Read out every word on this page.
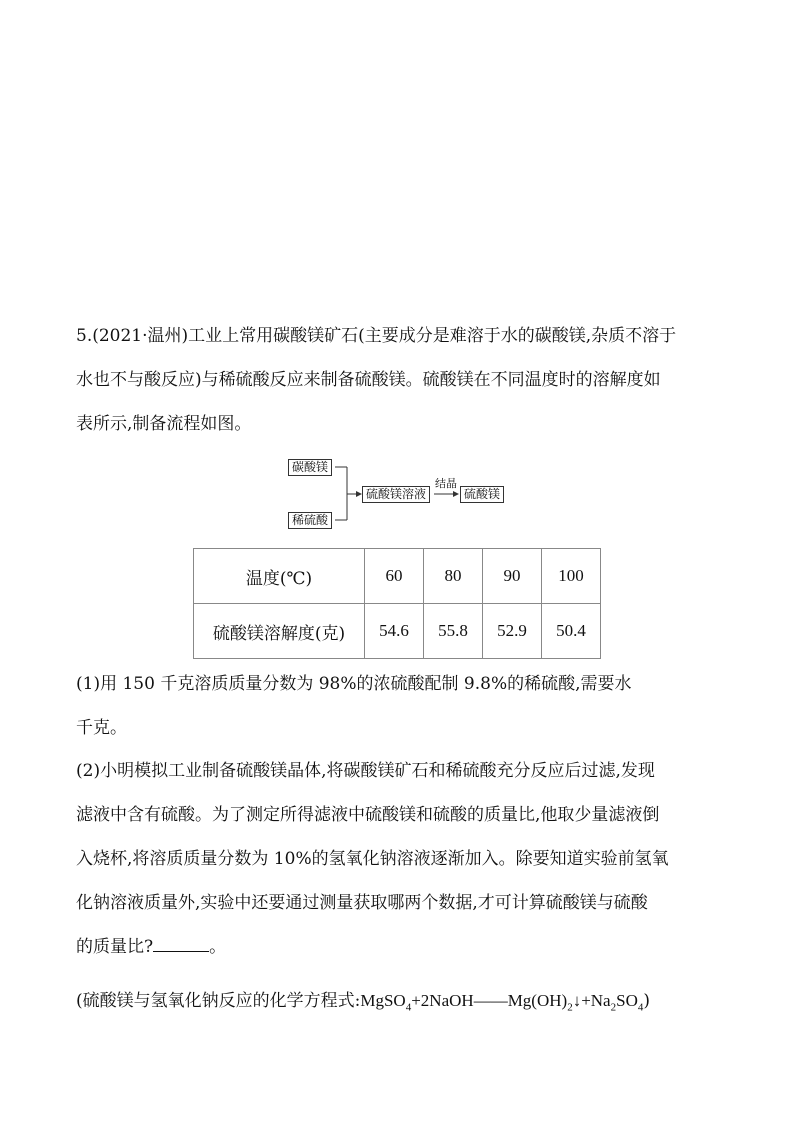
5.(2021·温州)工业上常用碳酸镁矿石(主要成分是难溶于水的碳酸镁,杂质不溶于
水也不与酸反应)与稀硫酸反应来制备硫酸镁。硫酸镁在不同温度时的溶解度如
表所示,制备流程如图。

碳酸镁
稀硫酸
硫酸镁溶液
结晶
硫酸镁
温度(℃)	60	80	90	100
硫酸镁溶解度(克)	54.6	55.8	52.9	50.4

(1)用 150 千克溶质质量分数为 98%的浓硫酸配制 9.8%的稀硫酸,需要水
千克。

(2)小明模拟工业制备硫酸镁晶体,将碳酸镁矿石和稀硫酸充分反应后过滤,发现
滤液中含有硫酸。为了测定所得滤液中硫酸镁和硫酸的质量比,他取少量滤液倒
入烧杯,将溶质质量分数为 10%的氢氧化钠溶液逐渐加入。除要知道实验前氢氧
化钠溶液质量外,实验中还要通过测量获取哪两个数据,才可计算硫酸镁与硫酸
的质量比?	。

(硫酸镁与氢氧化钠反应的化学方程式$:MgSO_4+2NaOH——Mg(OH)_2↓+Na_2SO_4$)
